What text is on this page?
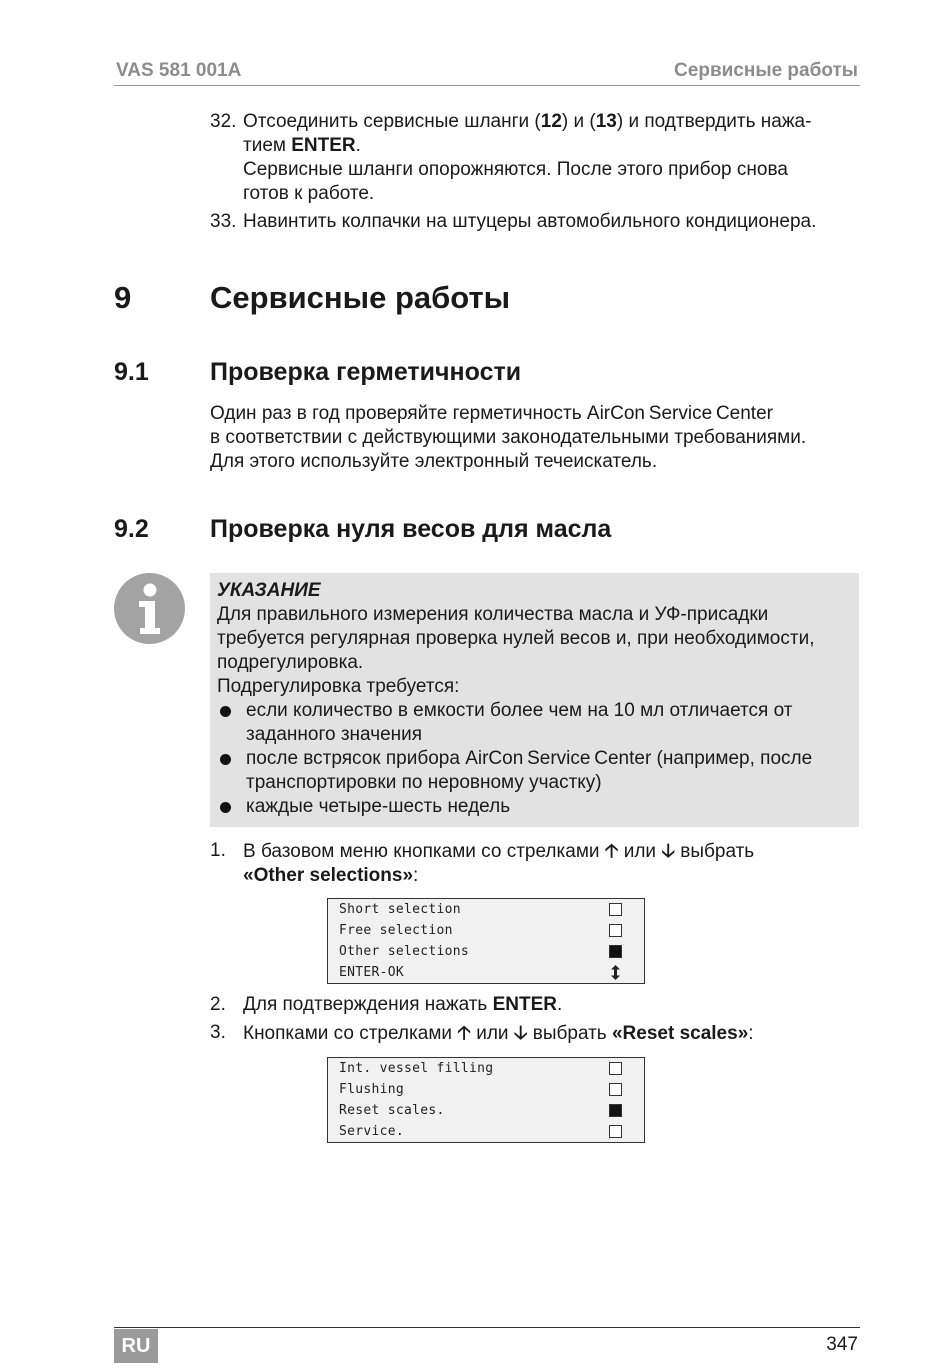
VAS 581 001A	Сервисные работы
32. Отсоединить сервисные шланги (12) и (13) и подтвердить нажа-
тием ENTER.
Сервисные шланги опорожняются. После этого прибор снова
готов к работе.
33. Навинтить колпачки на штуцеры автомобильного кондиционера.
9	Сервисные работы
9.1 Проверка герметичности
Один раз в год проверяйте герметичность AirCon Service Center
в соответствии с действующими законодательными требованиями.
Для этого используйте электронный течеискатель.
9.2 Проверка нуля весов для масла
УКАЗАНИЕ
Для правильного измерения количества масла и УФ-присадки
требуется регулярная проверка нулей весов и, при необходимости,
подрегулировка.
Подрегулировка требуется:
если количество в емкости более чем на 10 мл отличается от
заданного значения
после встрясок прибора AirCon Service Center (например, после
транспортировки по неровному участку)
каждые четыре-шесть недель
1. В базовом меню кнопками со стрелками 🡡 или 🡣 выбрать
«Other selections»:
Short selection
Free selection
Other selections
ENTER-OK
2. Для подтверждения нажать ENTER.
3. Кнопками со стрелками 🡡 или 🡣 выбрать «Reset scales»:
Int. vessel filling
Flushing
Reset scales.
Service.
RU	347
